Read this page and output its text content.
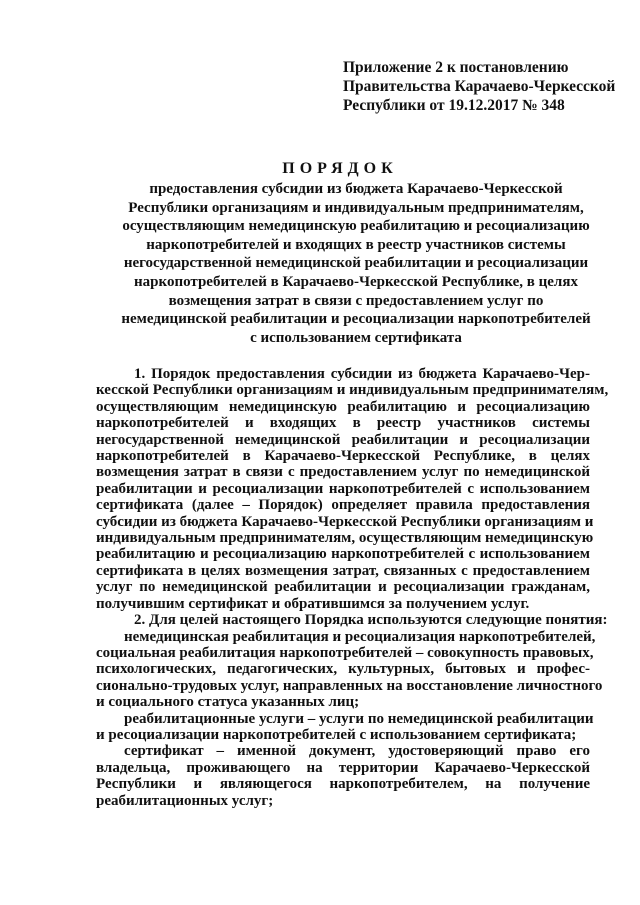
Приложение 2 к постановлению
Правительства Карачаево-Черкесской
Республики от 19.12.2017 № 348
ПОРЯДОК
предоставления субсидии из бюджета Карачаево-Черкесской
Республики организациям и индивидуальным предпринимателям,
осуществляющим немедицинскую реабилитацию и ресоциализацию
наркопотребителей и входящих в реестр участников системы
негосударственной немедицинской реабилитации и ресоциализации
наркопотребителей в Карачаево-Черкесской Республике, в целях
возмещения затрат в связи с предоставлением услуг по
немедицинской реабилитации и ресоциализации наркопотребителей
с использованием сертификата
1. Порядок предоставления субсидии из бюджета Карачаево-Чер-
кесской Республики организациям и индивидуальным предпринимателям,
осуществляющим немедицинскую реабилитацию и ресоциализацию
наркопотребителей и входящих в реестр участников системы
негосударственной немедицинской реабилитации и ресоциализации
наркопотребителей в Карачаево-Черкесской Республике, в целях
возмещения затрат в связи с предоставлением услуг по немедицинской
реабилитации и ресоциализации наркопотребителей с использованием
сертификата (далее – Порядок) определяет правила предоставления
субсидии из бюджета Карачаево-Черкесской Республики организациям и
индивидуальным предпринимателям, осуществляющим немедицинскую
реабилитацию и ресоциализацию наркопотребителей с использованием
сертификата в целях возмещения затрат, связанных с предоставлением
услуг по немедицинской реабилитации и ресоциализации гражданам,
получившим сертификат и обратившимся за получением услуг.
2. Для целей настоящего Порядка используются следующие понятия:
немедицинская реабилитация и ресоциализация наркопотребителей,
социальная реабилитация наркопотребителей – совокупность правовых,
психологических, педагогических, культурных, бытовых и профес-
сионально-трудовых услуг, направленных на восстановление личностного
и социального статуса указанных лиц;
реабилитационные услуги – услуги по немедицинской реабилитации
и ресоциализации наркопотребителей с использованием сертификата;
сертификат – именной документ, удостоверяющий право его
владельца, проживающего на территории Карачаево-Черкесской
Республики и являющегося наркопотребителем, на получение
реабилитационных услуг;
